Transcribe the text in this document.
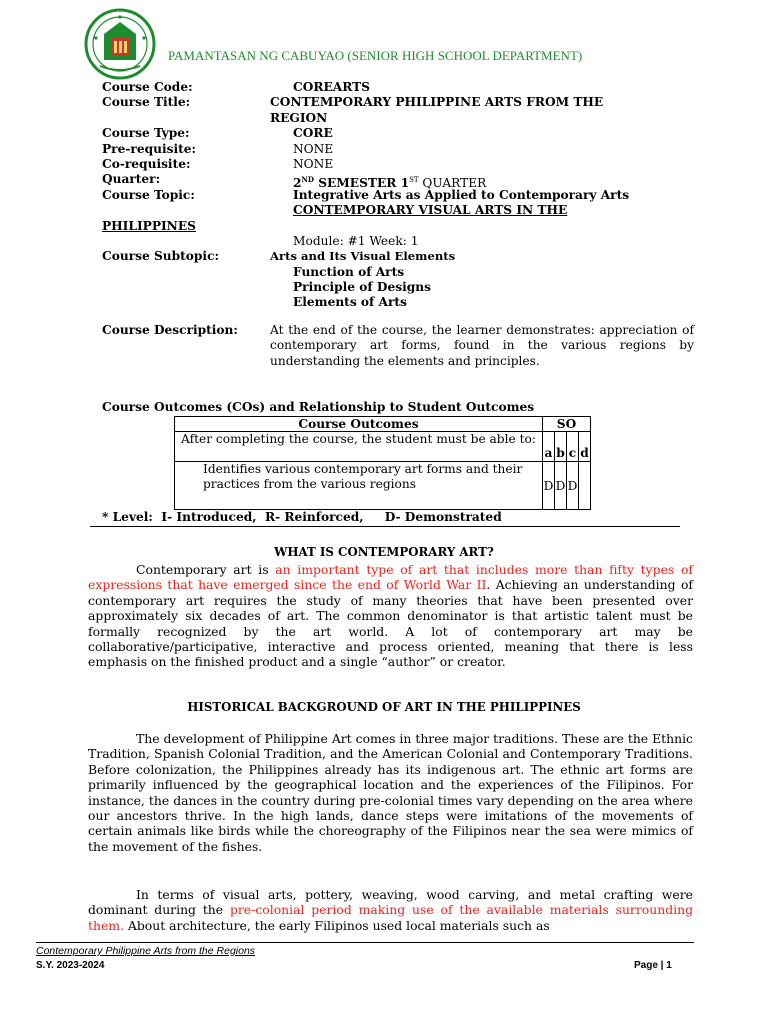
PAMANTASAN NG CABUYAO (SENIOR HIGH SCHOOL DEPARTMENT)
Course Code:	COREARTS
Course Title:	CONTEMPORARY PHILIPPINE ARTS FROM THE
REGION
Course Type:	CORE
Pre-requisite:	NONE
Co-requisite:	NONE
Quarter:	2ND SEMESTER 1ST QUARTER
Course Topic:	Integrative Arts as Applied to Contemporary Arts
CONTEMPORARY VISUAL ARTS IN THE
PHILIPPINES
Module: #1 Week: 1
Course Subtopic:	Arts and Its Visual Elements
Function of Arts
Principle of Designs
Elements of Arts
Course Description:	At the end of the course, the learner demonstrates: appreciation of contemporary art forms, found in the various regions by understanding the elements and principles.
Course Outcomes (COs) and Relationship to Student Outcomes
Course Outcomes	SO			
After completing the course, the student must be able to:	a	b	c	d
Identifies various contemporary art forms and their practices from the various regions	D	D	D	
* Level:  I- Introduced,  R- Reinforced,     D- Demonstrated
WHAT IS CONTEMPORARY ART?
Contemporary art is an important type of art that includes more than fifty types of expressions that have emerged since the end of World War II. Achieving an understanding of contemporary art requires the study of many theories that have been presented over approximately six decades of art. The common denominator is that artistic talent must be formally recognized by the art world. A lot of contemporary art may be collaborative/participative, interactive and process oriented, meaning that there is less emphasis on the finished product and a single “author” or creator.
HISTORICAL BACKGROUND OF ART IN THE PHILIPPINES
The development of Philippine Art comes in three major traditions. These are the Ethnic Tradition, Spanish Colonial Tradition, and the American Colonial and Contemporary Traditions. Before colonization, the Philippines already has its indigenous art. The ethnic art forms are primarily influenced by the geographical location and the experiences of the Filipinos. For instance, the dances in the country during pre-colonial times vary depending on the area where our ancestors thrive. In the high lands, dance steps were imitations of the movements of certain animals like birds while the choreography of the Filipinos near the sea were mimics of the movement of the fishes.
In terms of visual arts, pottery, weaving, wood carving, and metal crafting were dominant during the pre-colonial period making use of the available materials surrounding them. About architecture, the early Filipinos used local materials such as
Contemporary Philippine Arts from the Regions
S.Y. 2023-2024	Page | 1
